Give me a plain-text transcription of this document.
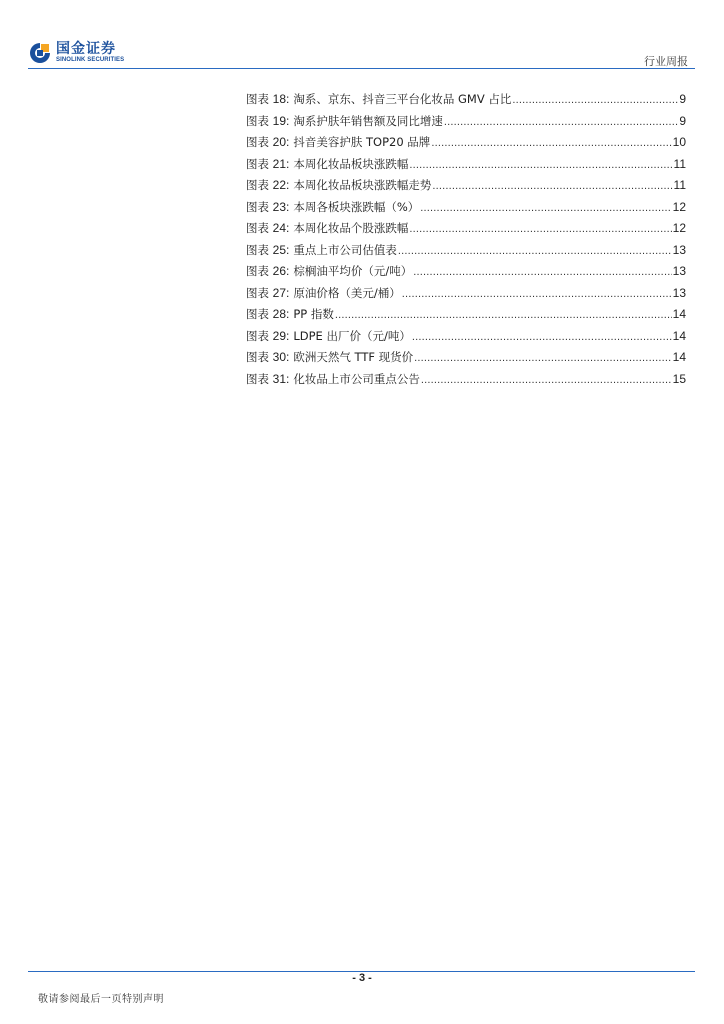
国金证券
SINOLINK SECURITIES	行业周报
图表 18: 淘系、京东、抖音三平台化妆品 GMV 占比 .....	9
图表 19: 淘系护肤年销售额及同比增速 .....	9
图表 20: 抖音美容护肤 TOP20 品牌 .....	10
图表 21: 本周化妆品板块涨跌幅 .....	11
图表 22: 本周化妆品板块涨跌幅走势 .....	11
图表 23: 本周各板块涨跌幅（%） .....	12
图表 24: 本周化妆品个股涨跌幅 .....	12
图表 25: 重点上市公司估值表 .....	13
图表 26: 棕榈油平均价（元/吨） .....	13
图表 27: 原油价格（美元/桶） .....	13
图表 28: PP 指数 .....	14
图表 29: LDPE 出厂价（元/吨） .....	14
图表 30: 欧洲天然气 TTF 现货价 .....	14
图表 31: 化妆品上市公司重点公告 .....	15
- 3 -
敬请参阅最后一页特别声明
